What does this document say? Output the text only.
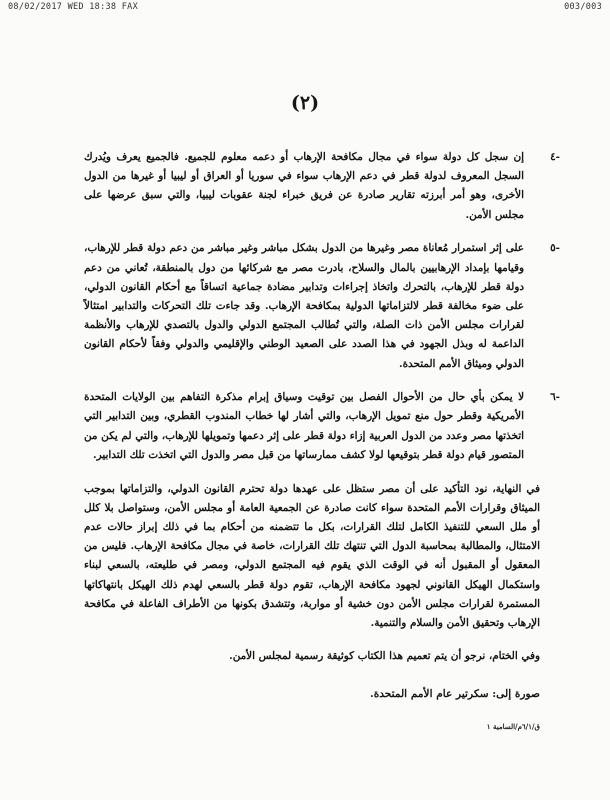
08/02/2017 WED 18:38 FAX	003/003
(٢)
-٤
إن سجل كل دولة سواء في مجال مكافحة الإرهاب أو دعمه معلوم للجميع. فالجميع يعرف ويُدرك السجل المعروف لدولة قطر في دعم الإرهاب سواء في سوريا أو العراق أو ليبيا أو غيرها من الدول الأخرى، وهو أمر أبرزته تقارير صادرة عن فريق خبراء لجنة عقوبات ليبيا، والتي سبق عرضها على مجلس الأمن.
-٥
على إثر استمرار مُعاناة مصر وغيرها من الدول بشكل مباشر وغير مباشر من دعم دولة قطر للإرهاب، وقيامها بإمداد الإرهابيين بالمال والسلاح، بادرت مصر مع شركائها من دول بالمنطقة، تُعاني من دعم دولة قطر للإرهاب، بالتحرك واتخاذ إجراءات وتدابير مضادة جماعية اتساقاً مع أحكام القانون الدولي، على ضوء مخالفة قطر لالتزاماتها الدولية بمكافحة الإرهاب. وقد جاءت تلك التحركات والتدابير امتثالاً لقرارات مجلس الأمن ذات الصلة، والتي تُطالب المجتمع الدولي والدول بالتصدي للإرهاب والأنظمة الداعمة له وبذل الجهود في هذا الصدد على الصعيد الوطني والإقليمي والدولي وفقاً لأحكام القانون الدولي وميثاق الأمم المتحدة.
-٦
لا يمكن بأي حال من الأحوال الفصل بين توقيت وسياق إبرام مذكرة التفاهم بين الولايات المتحدة الأمريكية وقطر حول منع تمويل الإرهاب، والتي أشار لها خطاب المندوب القطري، وبين التدابير التي اتخذتها مصر وعدد من الدول العربية إزاء دولة قطر على إثر دعمها وتمويلها للإرهاب، والتي لم يكن من المتصور قيام دولة قطر بتوقيعها لولا كشف ممارساتها من قبل مصر والدول التي اتخذت تلك التدابير.
في النهاية، نود التأكيد على أن مصر ستظل على عهدها دولة تحترم القانون الدولي، والتزاماتها بموجب الميثاق وقرارات الأمم المتحدة سواء كانت صادرة عن الجمعية العامة أو مجلس الأمن، وستواصل بلا كلل أو ملل السعي للتنفيذ الكامل لتلك القرارات، بكل ما تتضمنه من أحكام بما في ذلك إبراز حالات عدم الامتثال، والمطالبة بمحاسبة الدول التي تنتهك تلك القرارات، خاصة في مجال مكافحة الإرهاب. فليس من المعقول أو المقبول أنه في الوقت الذي يقوم فيه المجتمع الدولي، ومصر في طليعته، بالسعي لبناء واستكمال الهيكل القانوني لجهود مكافحة الإرهاب، تقوم دولة قطر بالسعي لهدم ذلك الهيكل بانتهاكاتها المستمرة لقرارات مجلس الأمن دون خشية أو مواربة، وتتشدق بكونها من الأطراف الفاعلة في مكافحة الإرهاب وتحقيق الأمن والسلام والتنمية.
وفي الختام، نرجو أن يتم تعميم هذا الكتاب كوثيقة رسمية لمجلس الأمن.
صورة إلى: سكرتير عام الأمم المتحدة.
ق/٦/١م/السامية ١
